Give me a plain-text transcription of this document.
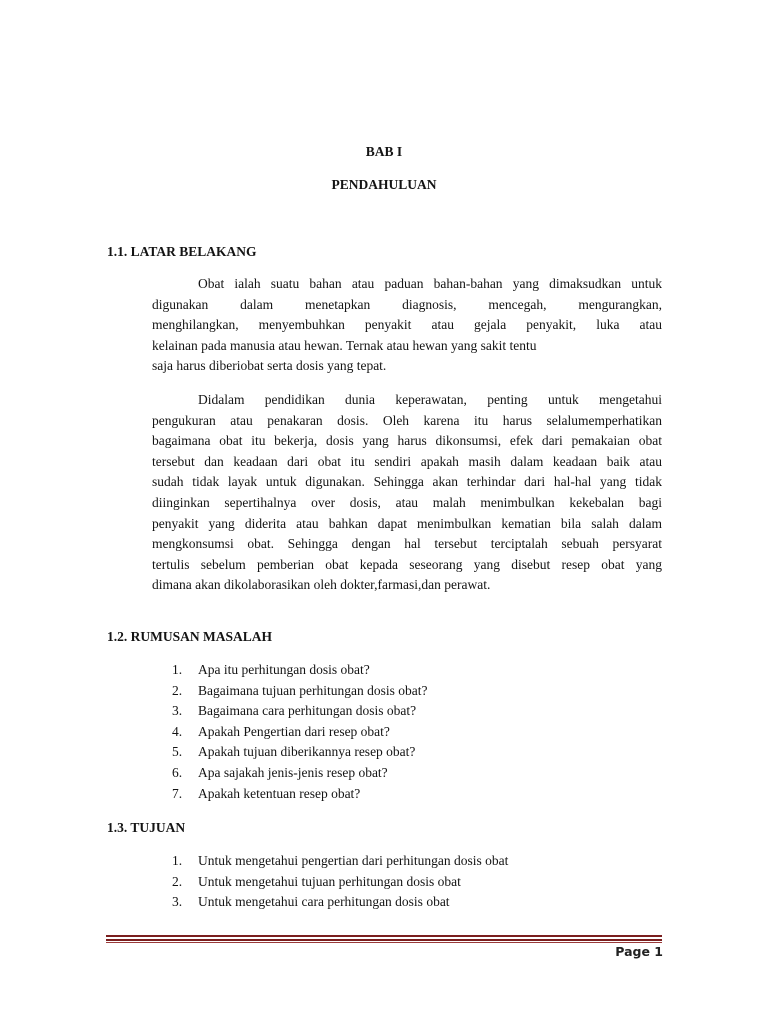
BAB I
PENDAHULUAN
1.1. LATAR BELAKANG
Obat ialah suatu bahan atau paduan bahan-bahan yang dimaksudkan untuk
digunakan dalam menetapkan diagnosis, mencegah, mengurangkan,
menghilangkan, menyembuhkan penyakit atau gejala penyakit, luka atau
kelainan pada manusia atau hewan. Ternak atau hewan yang sakit tentu
saja harus diberiobat serta dosis yang tepat.
Didalam pendidikan dunia keperawatan, penting untuk mengetahui
pengukuran atau penakaran dosis. Oleh karena itu harus selalumemperhatikan
bagaimana obat itu bekerja, dosis yang harus dikonsumsi, efek dari pemakaian obat
tersebut dan keadaan dari obat itu sendiri apakah masih dalam keadaan baik atau
sudah tidak layak untuk digunakan. Sehingga akan terhindar dari hal-hal yang tidak
diinginkan sepertihalnya over dosis, atau malah menimbulkan kekebalan bagi
penyakit yang diderita atau bahkan dapat menimbulkan kematian bila salah dalam
mengkonsumsi obat. Sehingga dengan hal tersebut terciptalah sebuah persyarat
tertulis sebelum pemberian obat kepada seseorang yang disebut resep obat yang
dimana akan dikolaborasikan oleh dokter,farmasi,dan perawat.
1.2. RUMUSAN MASALAH
1.	Apa itu perhitungan dosis obat?
2.	Bagaimana tujuan perhitungan dosis obat?
3.	Bagaimana cara perhitungan dosis obat?
4.	Apakah Pengertian dari resep obat?
5.	Apakah tujuan diberikannya resep obat?
6.	Apa sajakah jenis-jenis resep obat?
7.	Apakah ketentuan resep obat?
1.3. TUJUAN
1.	Untuk mengetahui pengertian dari perhitungan dosis obat
2.	Untuk mengetahui tujuan perhitungan dosis obat
3.	Untuk mengetahui cara perhitungan dosis obat
Page 1
